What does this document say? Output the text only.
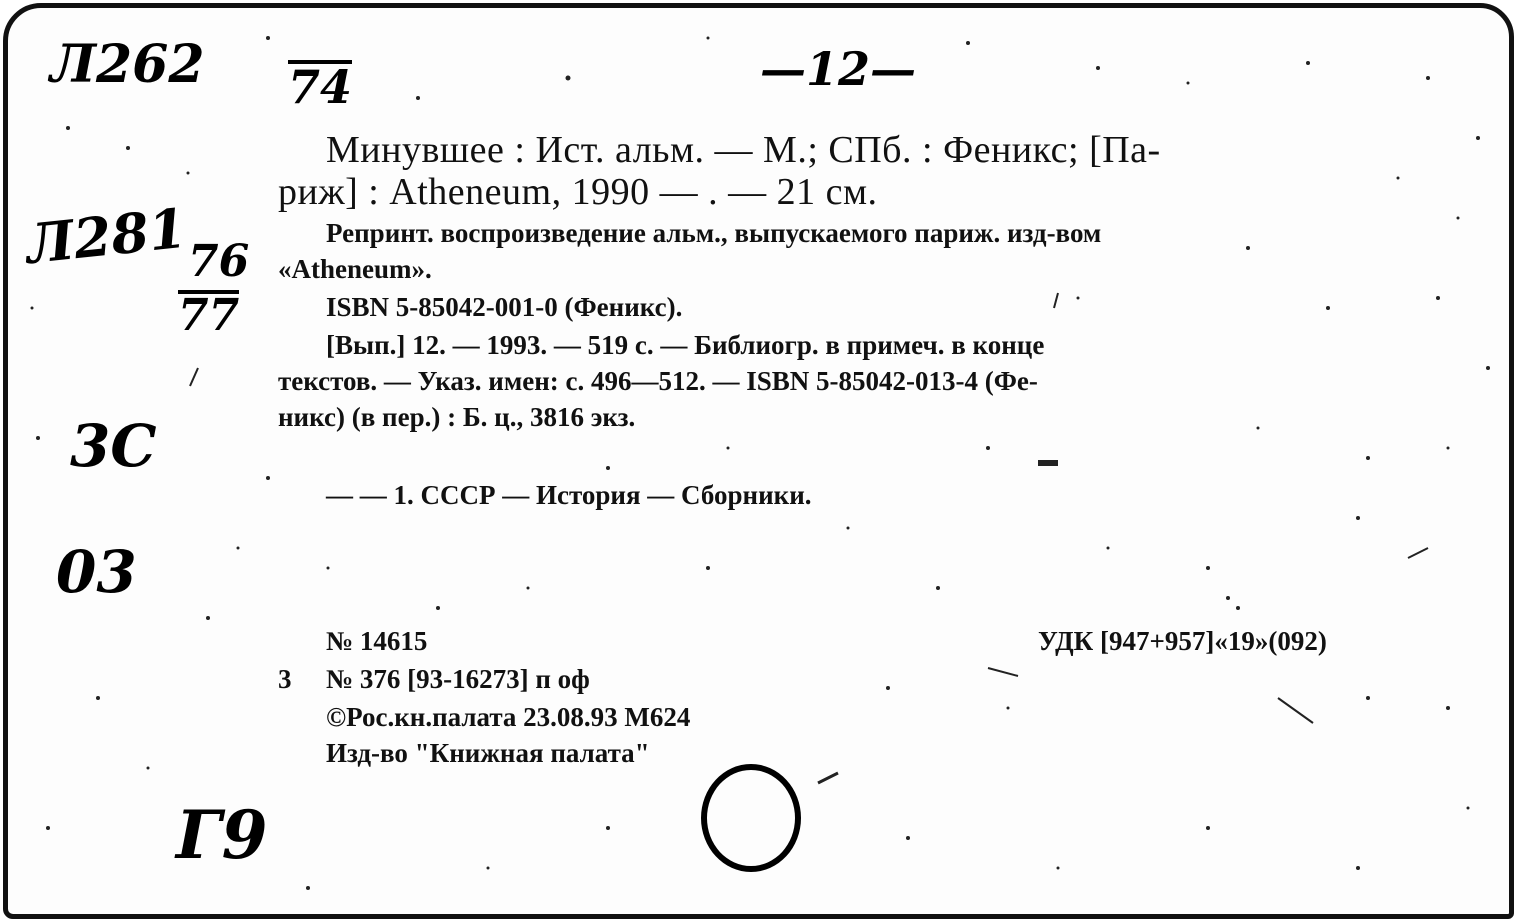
Л262 74	—12—
Л281
76
77
3С
03
Г9
Минувшее : Ист. альм. — М.; СПб. : Феникс; [Па-
риж] : Atheneum, 1990 — . — 21 см.
Репринт. воспроизведение альм., выпускаемого париж. изд-вом
«Atheneum».
ISBN 5-85042-001-0 (Феникс).
[Вып.] 12. — 1993. — 519 с. — Библиогр. в примеч. в конце
текстов. — Указ. имен: с. 496—512. — ISBN 5-85042-013-4 (Фе-
никс) (в пер.) : Б. ц., 3816 экз.
— — 1. СССР — История — Сборники.
№ 14615	УДК [947+957]«19»(092)
3 № 376 [93-16273] п оф
©Рос.кн.палата 23.08.93 М624
Изд-во "Книжная палата"
